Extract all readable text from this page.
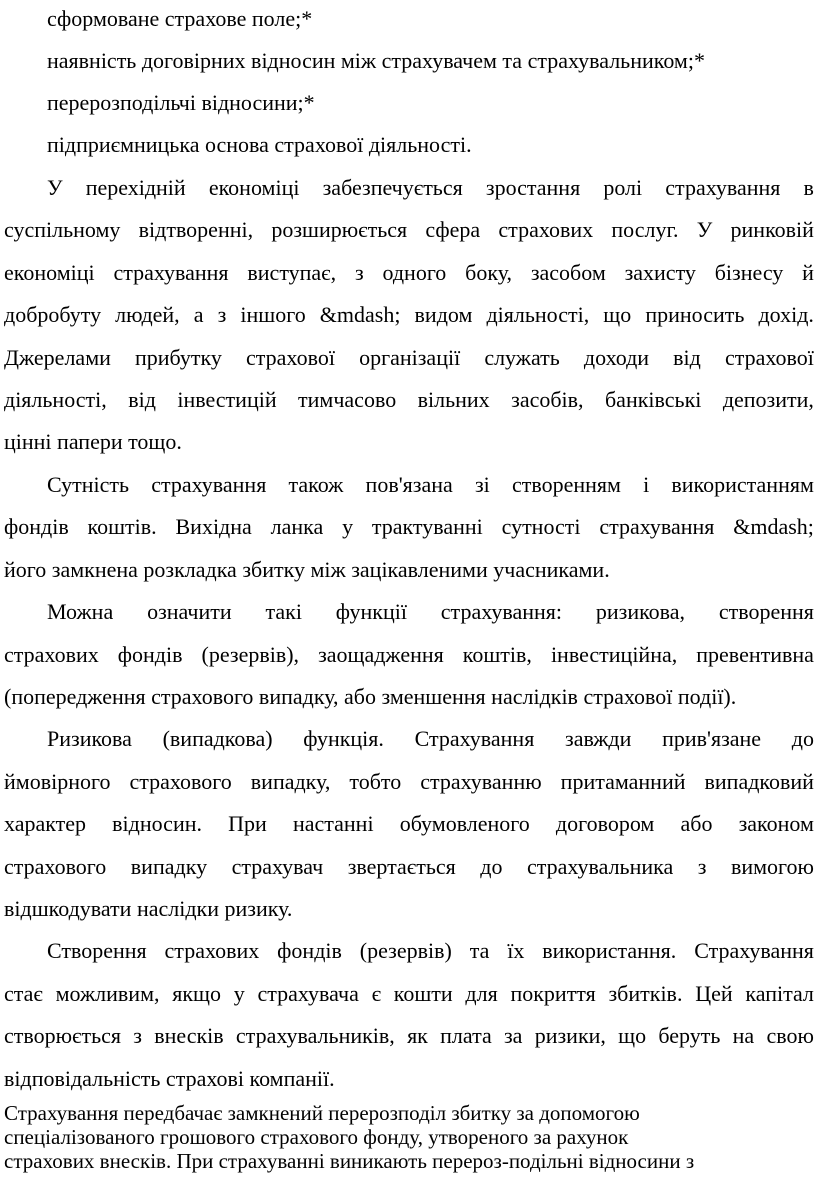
сформоване страхове поле;*

наявність договірних відносин між страхувачем та страхувальником;*

перерозподільчі відносини;*

підприємницька основа страхової діяльності.

У перехідній економіці забезпечується зростання ролі страхування в

суспільному відтворенні, розширюється сфера страхових послуг. У ринковій

економіці страхування виступає, з одного боку, засобом захисту бізнесу й

добробуту людей, а з іншого &mdash; видом діяльності, що приносить дохід.

Джерелами прибутку страхової організації служать доходи від страхової

діяльності, від інвестицій тимчасово вільних засобів, банківські депозити,

цінні папери тощо.

Сутність страхування також пов'язана зі створенням і використанням

фондів коштів. Вихідна ланка у трактуванні сутності страхування &mdash;

його замкнена розкладка збитку між зацікавленими учасниками.

Можна означити такі функції страхування: ризикова, створення

страхових фондів (резервів), заощадження коштів, інвестиційна, превентивна

(попередження страхового випадку, або зменшення наслідків страхової події).

Ризикова (випадкова) функція. Страхування завжди прив'язане до

ймовірного страхового випадку, тобто страхуванню притаманний випадковий

характер відносин. При настанні обумовленого договором або законом

страхового випадку страхувач звертається до страхувальника з вимогою

відшкодувати наслідки ризику.

Створення страхових фондів (резервів) та їх використання. Страхування

стає можливим, якщо у страхувача є кошти для покриття збитків. Цей капітал

створюється з внесків страхувальників, як плата за ризики, що беруть на свою

відповідальність страхові компанії.

Страхування передбачає замкнений перерозподіл збитку за допомогою

спеціалізованого грошового страхового фонду, утвореного за рахунок

страхових внесків. При страхуванні виникають перероз-подільні відносини з
